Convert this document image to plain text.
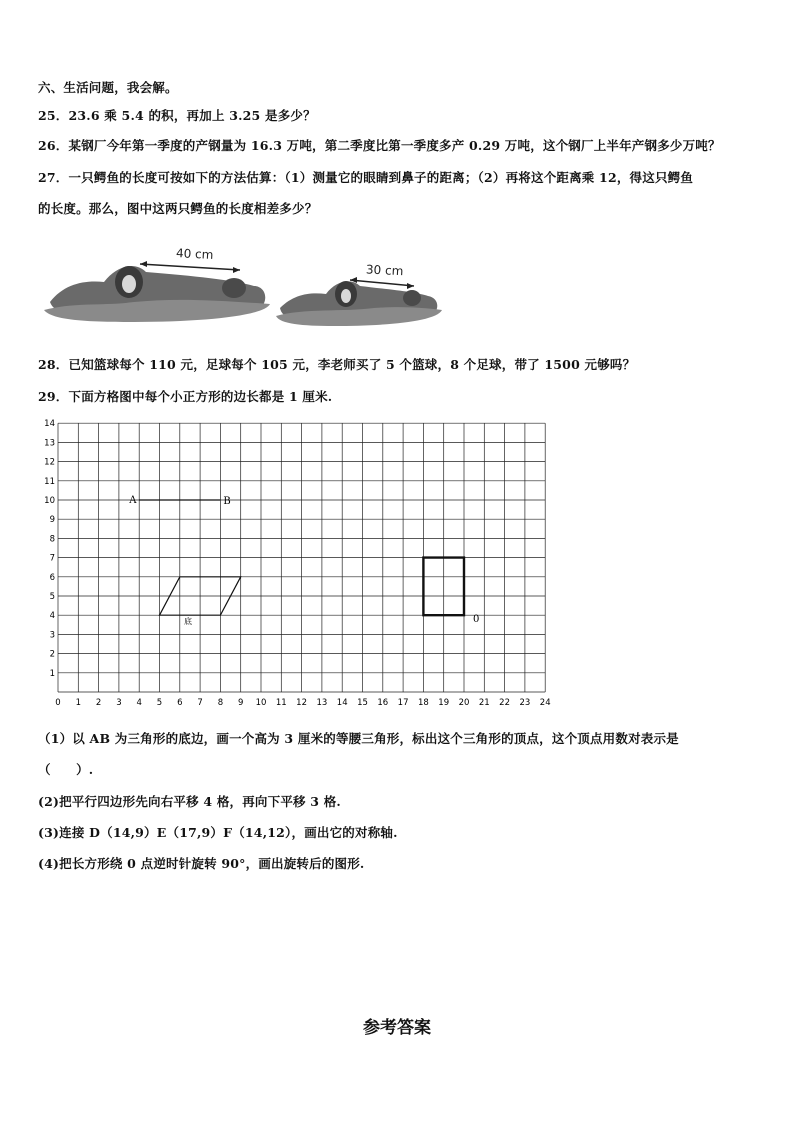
六、生活问题，我会解。
25．23.6 乘 5.4 的积，再加上 3.25 是多少？
26．某钢厂今年第一季度的产钢量为 16.3 万吨，第二季度比第一季度多产 0.29 万吨，这个钢厂上半年产钢多少万吨？
27．一只鳄鱼的长度可按如下的方法估算：（1）测量它的眼睛到鼻子的距离；（2）再将这个距离乘 12，得这只鳄鱼
的长度。那么，图中这两只鳄鱼的长度相差多少？
40 cm
30 cm
28．已知篮球每个 110 元，足球每个 105 元，李老师买了 5 个篮球，8 个足球，带了 1500 元够吗？
29．下面方格图中每个小正方形的边长都是 1 厘米.
0 1 2 3 4 5 6 7 8 9 10 11 12 13 14 15 16 17 18 19 20 21 22 23 24
1
2
3
4
5
6
7
8
9
10
11
12
13
14
A	B
底	0
（1）以 AB 为三角形的底边，画一个高为 3 厘米的等腰三角形，标出这个三角形的顶点，这个顶点用数对表示是
（　　）.
(2)把平行四边形先向右平移 4 格，再向下平移 3 格.
(3)连接 D（14,9）E（17,9）F（14,12），画出它的对称轴.
(4)把长方形绕 0 点逆时针旋转 90°，画出旋转后的图形.
参考答案
